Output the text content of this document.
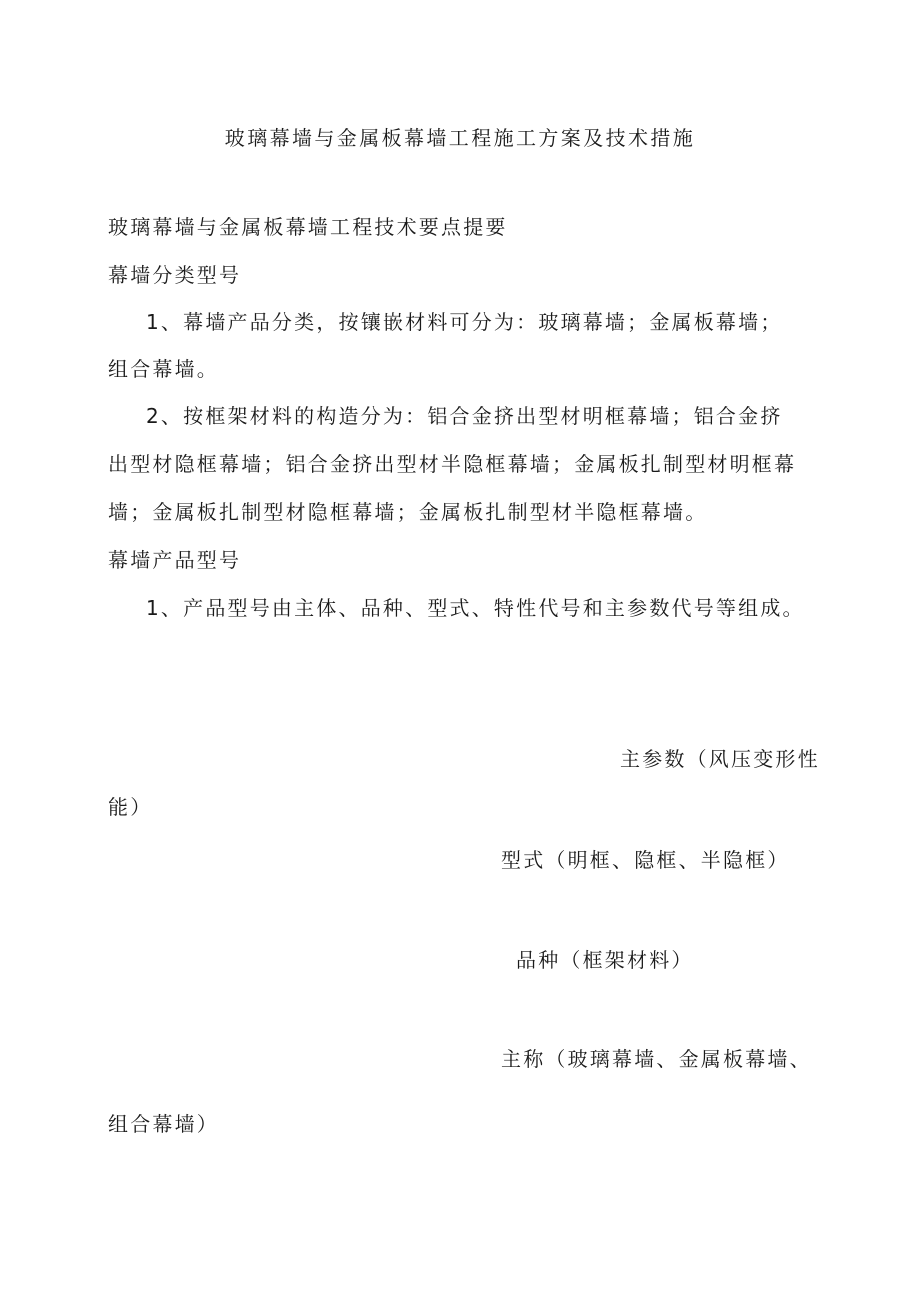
玻璃幕墙与金属板幕墙工程施工方案及技术措施
玻璃幕墙与金属板幕墙工程技术要点提要
幕墙分类型号
1、幕墙产品分类，按镶嵌材料可分为：玻璃幕墙；金属板幕墙；
组合幕墙。
2、按框架材料的构造分为：铝合金挤出型材明框幕墙；铝合金挤
出型材隐框幕墙；铝合金挤出型材半隐框幕墙；金属板扎制型材明框幕
墙；金属板扎制型材隐框幕墙；金属板扎制型材半隐框幕墙。
幕墙产品型号
1、产品型号由主体、品种、型式、特性代号和主参数代号等组成。
主参数（风压变形性
能）
型式（明框、隐框、半隐框）
品种（框架材料）
主称（玻璃幕墙、金属板幕墙、
组合幕墙）
